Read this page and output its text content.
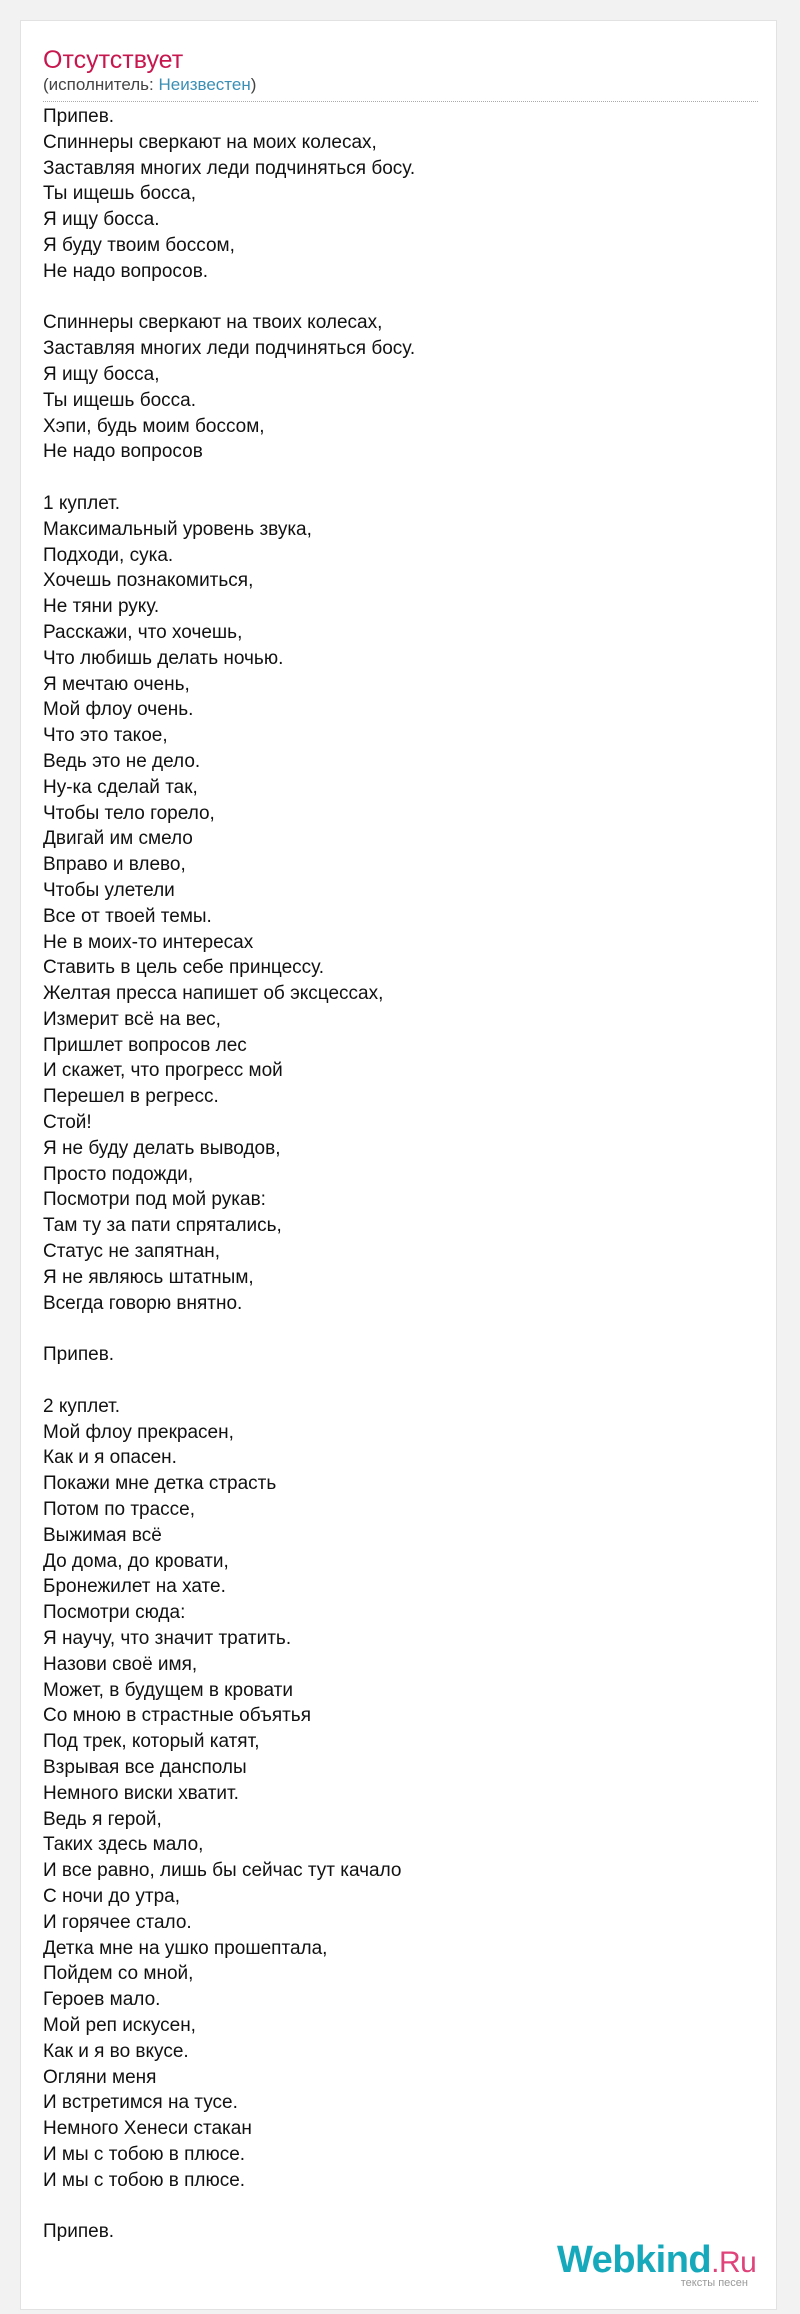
Отсутствует
(исполнитель: Неизвестен)
Припев.
Спиннеры сверкают на моих колесах,
Заставляя многих леди подчиняться босу.
Ты ищешь босса,
Я ищу босса.
Я буду твоим боссом,
Не надо вопросов.

Спиннеры сверкают на твоих колесах,
Заставляя многих леди подчиняться босу.
Я ищу босса,
Ты ищешь босса.
Хэпи, будь моим боссом,
Не надо вопросов

1 куплет.
Максимальный уровень звука,
Подходи, сука.
Хочешь познакомиться,
Не тяни руку.
Расскажи, что хочешь,
Что любишь делать ночью.
Я мечтаю очень,
Мой флоу очень.
Что это такое,
Ведь это не дело.
Ну-ка сделай так,
Чтобы тело горело,
Двигай им смело
Вправо и влево,
Чтобы улетели
Все от твоей темы.
Не в моих-то интересах
Ставить в цель себе принцессу.
Желтая пресса напишет об эксцессах,
Измерит всё на вес,
Пришлет вопросов лес
И скажет, что прогресс мой
Перешел в регресс.
Стой!
Я не буду делать выводов,
Просто подожди,
Посмотри под мой рукав:
Там ту за пати спрятались,
Статус не запятнан,
Я не являюсь штатным,
Всегда говорю внятно.

Припев.

2 куплет.
Мой флоу прекрасен,
Как и я опасен.
Покажи мне детка страсть
Потом по трассе,
Выжимая всё
До дома, до кровати,
Бронежилет на хате.
Посмотри сюда:
Я научу, что значит тратить.
Назови своё имя,
Может, в будущем в кровати
Со мною в страстные объятья
Под трек, который катят,
Взрывая все дансполы
Немного виски хватит.
Ведь я герой,
Таких здесь мало,
И все равно, лишь бы сейчас тут качало
С ночи до утра,
И горячее стало.
Детка мне на ушко прошептала,
Пойдем со мной,
Героев мало.
Мой реп искусен,
Как и я во вкусе.
Огляни меня
И встретимся на тусе.
Немного Хенеси стакан
И мы с тобою в плюсе.
И мы с тобою в плюсе.

Припев.
Webkind.Ru
тексты песен
